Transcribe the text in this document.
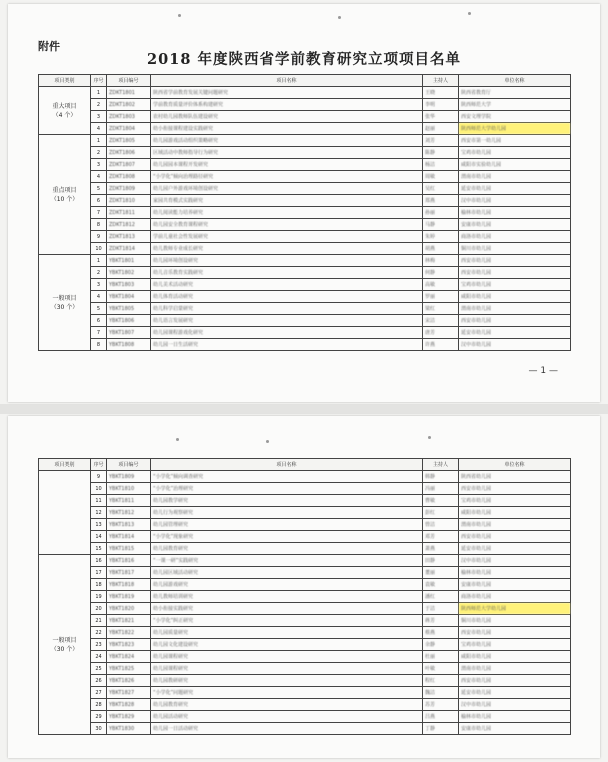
附件
2018 年度陕西省学前教育研究立项项目名单
项目类别	序号	项目编号	项目名称	主持人	单位名称
重大项目
（4 个）	1	ZDKT1801	陕西省学前教育发展关键问题研究	王晓	陕西省教育厅
	2	ZDKT1802	学前教育质量评价体系构建研究	李明	陕西师范大学
	3	ZDKT1803	农村幼儿园教师队伍建设研究	张华	西安文理学院
	4	ZDKT1804	幼小衔接课程建设实践研究	赵丽	陕西师范大学幼儿园
重点项目
（10 个）	1	ZDKT1805	幼儿园游戏活动组织策略研究	刘芳	西安市第一幼儿园
	2	ZDKT1806	区域活动中教师指导行为研究	陈静	宝鸡市幼儿园
	3	ZDKT1807	幼儿园园本课程开发研究	杨洁	咸阳市实验幼儿园
	4	ZDKT1808	“小学化”倾向治理路径研究	周敏	渭南市幼儿园
	5	ZDKT1809	幼儿园户外游戏环境创设研究	吴红	延安市幼儿园
	6	ZDKT1810	家园共育模式实践研究	郑燕	汉中市幼儿园
	7	ZDKT1811	幼儿阅读能力培养研究	孙丽	榆林市幼儿园
	8	ZDKT1812	幼儿园安全教育课程研究	马静	安康市幼儿园
	9	ZDKT1813	学前儿童社会性发展研究	朱婷	商洛市幼儿园
	10	ZDKT1814	幼儿教师专业成长研究	胡燕	铜川市幼儿园
一般项目
（30 个）	1	YBKT1801	幼儿园环境创设研究	林梅	西安市幼儿园
	2	YBKT1802	幼儿音乐教育实践研究	何静	西安市幼儿园
	3	YBKT1803	幼儿美术活动研究	高敏	宝鸡市幼儿园
	4	YBKT1804	幼儿体育活动研究	罗丽	咸阳市幼儿园
	5	YBKT1805	幼儿科学启蒙研究	梁红	渭南市幼儿园
	6	YBKT1806	幼儿语言发展研究	宋洁	西安市幼儿园
	7	YBKT1807	幼儿园课程游戏化研究	唐芳	延安市幼儿园
	8	YBKT1808	幼儿园一日生活研究	许燕	汉中市幼儿园
— 1 —
项目类别	序号	项目编号	项目名称	主持人	单位名称
	9	YBKT1809	“小学化”倾向调查研究	韩静	陕西省幼儿园
	10	YBKT1810	“小学化”治理研究	冯丽	西安市幼儿园
	11	YBKT1811	幼儿园教学研究	曹敏	宝鸡市幼儿园
	12	YBKT1812	幼儿行为观察研究	彭红	咸阳市幼儿园
	13	YBKT1813	幼儿园管理研究	曾洁	渭南市幼儿园
	14	YBKT1814	“小学化”现象研究	邓芳	西安市幼儿园
	15	YBKT1815	幼儿园教育研究	萧燕	延安市幼儿园
一般项目
（30 个）	16	YBKT1816	“一课一研”实践研究	田静	汉中市幼儿园
	17	YBKT1817	幼儿园区域活动研究	董丽	榆林市幼儿园
	18	YBKT1818	幼儿园游戏研究	袁敏	安康市幼儿园
	19	YBKT1819	幼儿教师培训研究	潘红	商洛市幼儿园
	20	YBKT1820	幼小衔接实践研究	于洁	陕西师范大学幼儿园
	21	YBKT1821	“小学化”纠正研究	蒋芳	铜川市幼儿园
	22	YBKT1822	幼儿园质量研究	蔡燕	西安市幼儿园
	23	YBKT1823	幼儿园文化建设研究	余静	宝鸡市幼儿园
	24	YBKT1824	幼儿园课程研究	杜丽	咸阳市幼儿园
	25	YBKT1825	幼儿园课程研究	叶敏	渭南市幼儿园
	26	YBKT1826	幼儿园教研研究	程红	西安市幼儿园
	27	YBKT1827	“小学化”问题研究	魏洁	延安市幼儿园
	28	YBKT1828	幼儿园教育研究	苏芳	汉中市幼儿园
	29	YBKT1829	幼儿园活动研究	吕燕	榆林市幼儿园
	30	YBKT1830	幼儿园一日活动研究	丁静	安康市幼儿园
